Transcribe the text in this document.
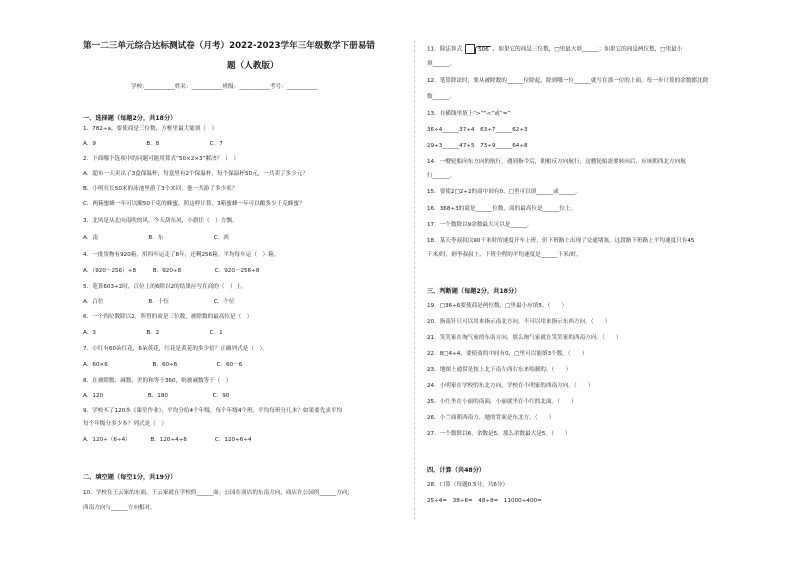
第一二三单元综合达标测试卷（月考）2022-2023学年三年级数学下册易错
题（人教版）
学校:___________姓名：___________班级：___________考号：___________
一、选择题（每题2分，共18分）
1．782÷a，要使商是三位数，方框里最大能填（　）
A．9　　　　　　　　　B．8　　　　　　　　　C．7
2．下面哪个选项中的问题可能用算式“50×2×3”解决？（　）
A．超市一天卖出了3盒保温杯，每盒里有2个保温杯，每个保温杯50元，一共卖了多少元？
B．小明在长50米的泳池里游了3个来回，他一共游了多少米？
C．两箱蜜蜂一年可以酿50千克的蜂蜜，照这样计算，3箱蜜蜂一年可以酿多少千克蜂蜜？
3．北风是从北向南吹的风。今天刮东风，小旗往（　）方飘。
A．南　　　　　　　　　B．东　　　　　　　　　C．西
4．一批货物有920箱，用四车运走了8年，还剩256箱。平均每车运（　）箱。
A．（920－256）÷8　　　B．920÷8　　　　　　C．920－256÷8
5．笔算603÷2时，百位上的6除以2的结果应写在商的（　）上。
A．百位　　　　　　　　B．十位　　　　　　　　C．个位
6．一个四位数除以2，所得的商是三位数，被除数的最高位是（　）
A．3　　　　　　　　　B．2　　　　　　　　　C．1
7．小红有60朵红花，6朵黄花，红花是黄花的多少倍？正确列式是（　）。
A．60×6　　　　　　　　B．60÷6　　　　　　　C．60－6
8．在被除数、减数、差的和等于360，则被减数等于（　）
A．120　　　　　　　　B．180　　　　　　　　C．90
9．学校买了120本《课堂作业》，平均分给4个年级，每个年级4个班，平均每班分几本？如果要先求平均
每个年级分多少本？列式是（　）
A．120÷（6÷4）　　　　B．120÷4÷6　　　　　C．120÷6÷4
二、填空题（每空1分，共19分）
10．学校在王云家的东面，王云家就在学校的______面；公园在商店的东南方向，商店在公园的______方向；
西南方向与______方向相对。
11．除法算式	506 ，如果它的商是三位数，□里最大填______；如果它的商是两位数，□里最小
填______。
12．笔算除法时，要从被除数的______位除起，除到哪一位______就写在那一位的上面，每一步计算的余数都比除
数______。
13．在横线里填上“>”“<”或“=”
36÷4______37÷4　63÷7______62÷3
29÷3______47÷5　73÷9______64÷8
14．一艘轮船向东方向的航行，遇到指令后，朝相反方向航行，这艘轮船需要转向后，应该朝西北方向航
行______。
15．要使2□2÷2的商中间有0，□里可以填______或______。
16．368÷3的商是______位数，商的最高位是______位上。
17．一个数除以9余数最大可以是______。
18．某天李叔叔以90千米时的速度开车上班，但下班路上出现了交通堵塞，这段路下班路上平均速度只有45
千米/时，则李叔叔上、下班全程的平均速度是______千米/时。
三、判断题（每题2分，共18分）
19．□36÷6要使商是两位数，□里最小应填5。（　　）
20．指南针只可以用来指示南北方向，不可以用来指示东西方向。（　　）
21．笑笑家在淘气家的东南方向，那么淘气家就在笑笑家的西南方向。（　　）
22．8□4÷4，要使商的中间有0，□里可以能填3个数。（　　）
23．地图上通常是按上北下南左西右东来绘制的。（　　）
24．小明家在学校的东北方向，学校在小明家的西南方向。（　　）
25．小红坐在小丽的南面，小丽就坐在小红的北面。（　　）
26．小兰面朝西南方，她的背面是东北方。（　　）
27．一个数除以6，余数是5，那么余数最大是5。（　　）
四、计算（共48分）
28．口算（每题0.5分，共6分）
25÷4=　38÷6=　48÷8=　11000÷400=
